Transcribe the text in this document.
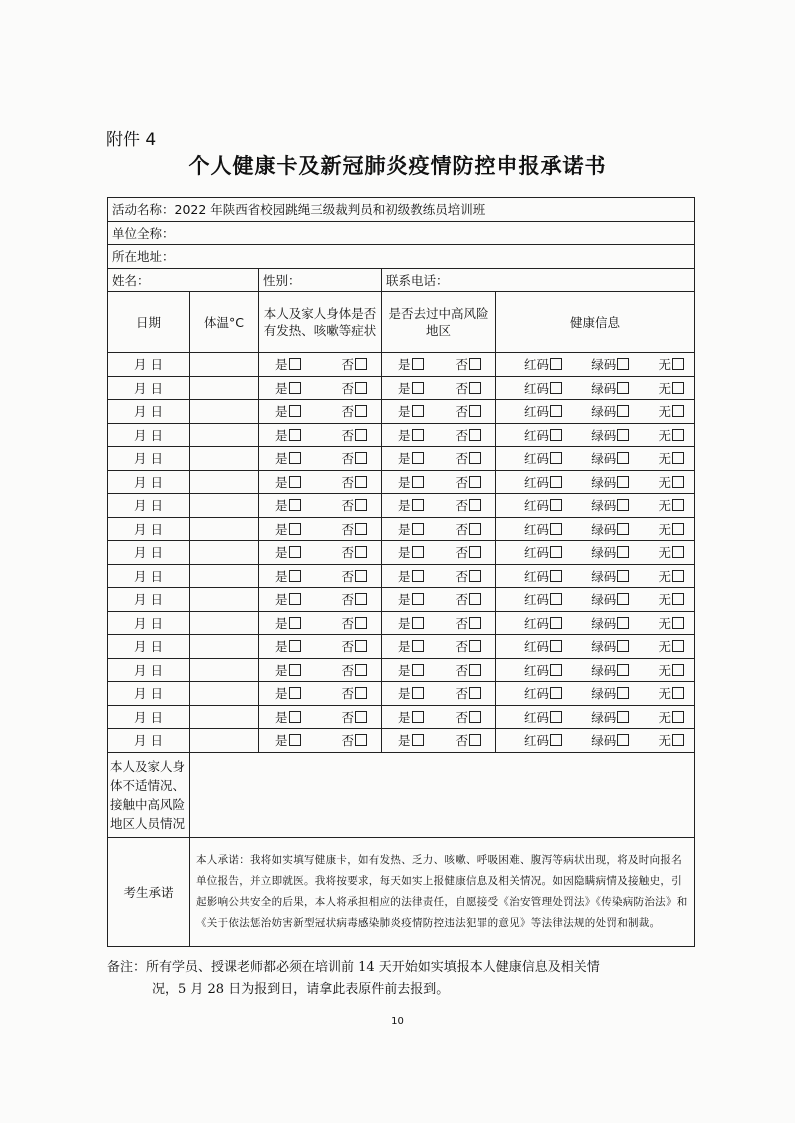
附件 4
个人健康卡及新冠肺炎疫情防控申报承诺书
活动名称：2022 年陕西省校园跳绳三级裁判员和初级教练员培训班				
单位全称：				
所在地址：				
姓名：		性别：	联系电话：	
日期	体温°C	本人及家人身体是否有发热、咳嗽等症状	是否去过中高风险地区	健康信息
月 日		是 否	是 否	红码 绿码 无

月 日		是 否	是 否	红码 绿码 无

月 日		是 否	是 否	红码 绿码 无

月 日		是 否	是 否	红码 绿码 无

月 日		是 否	是 否	红码 绿码 无

月 日		是 否	是 否	红码 绿码 无

月 日		是 否	是 否	红码 绿码 无

月 日		是 否	是 否	红码 绿码 无

月 日		是 否	是 否	红码 绿码 无

月 日		是 否	是 否	红码 绿码 无

月 日		是 否	是 否	红码 绿码 无

月 日		是 否	是 否	红码 绿码 无

月 日		是 否	是 否	红码 绿码 无

月 日		是 否	是 否	红码 绿码 无

月 日		是 否	是 否	红码 绿码 无

月 日		是 否	是 否	红码 绿码 无

月 日		是 否	是 否	红码 绿码 无

本人及家人身体不适情况、接触中高风险地区人员情况				
考生承诺	本人承诺：我将如实填写健康卡，如有发热、乏力、咳嗽、呼吸困难、腹泻等病状出现，将及时向报名单位报告，并立即就医。我将按要求，每天如实上报健康信息及相关情况。如因隐瞒病情及接触史，引起影响公共安全的后果，本人将承担相应的法律责任，自愿接受《治安管理处罚法》《传染病防治法》和《关于依法惩治妨害新型冠状病毒感染肺炎疫情防控违法犯罪的意见》等法律法规的处罚和制裁。			
备注：所有学员、授课老师都必须在培训前 14 天开始如实填报本人健康信息及相关情
况，5 月 28 日为报到日，请拿此表原件前去报到。
10
